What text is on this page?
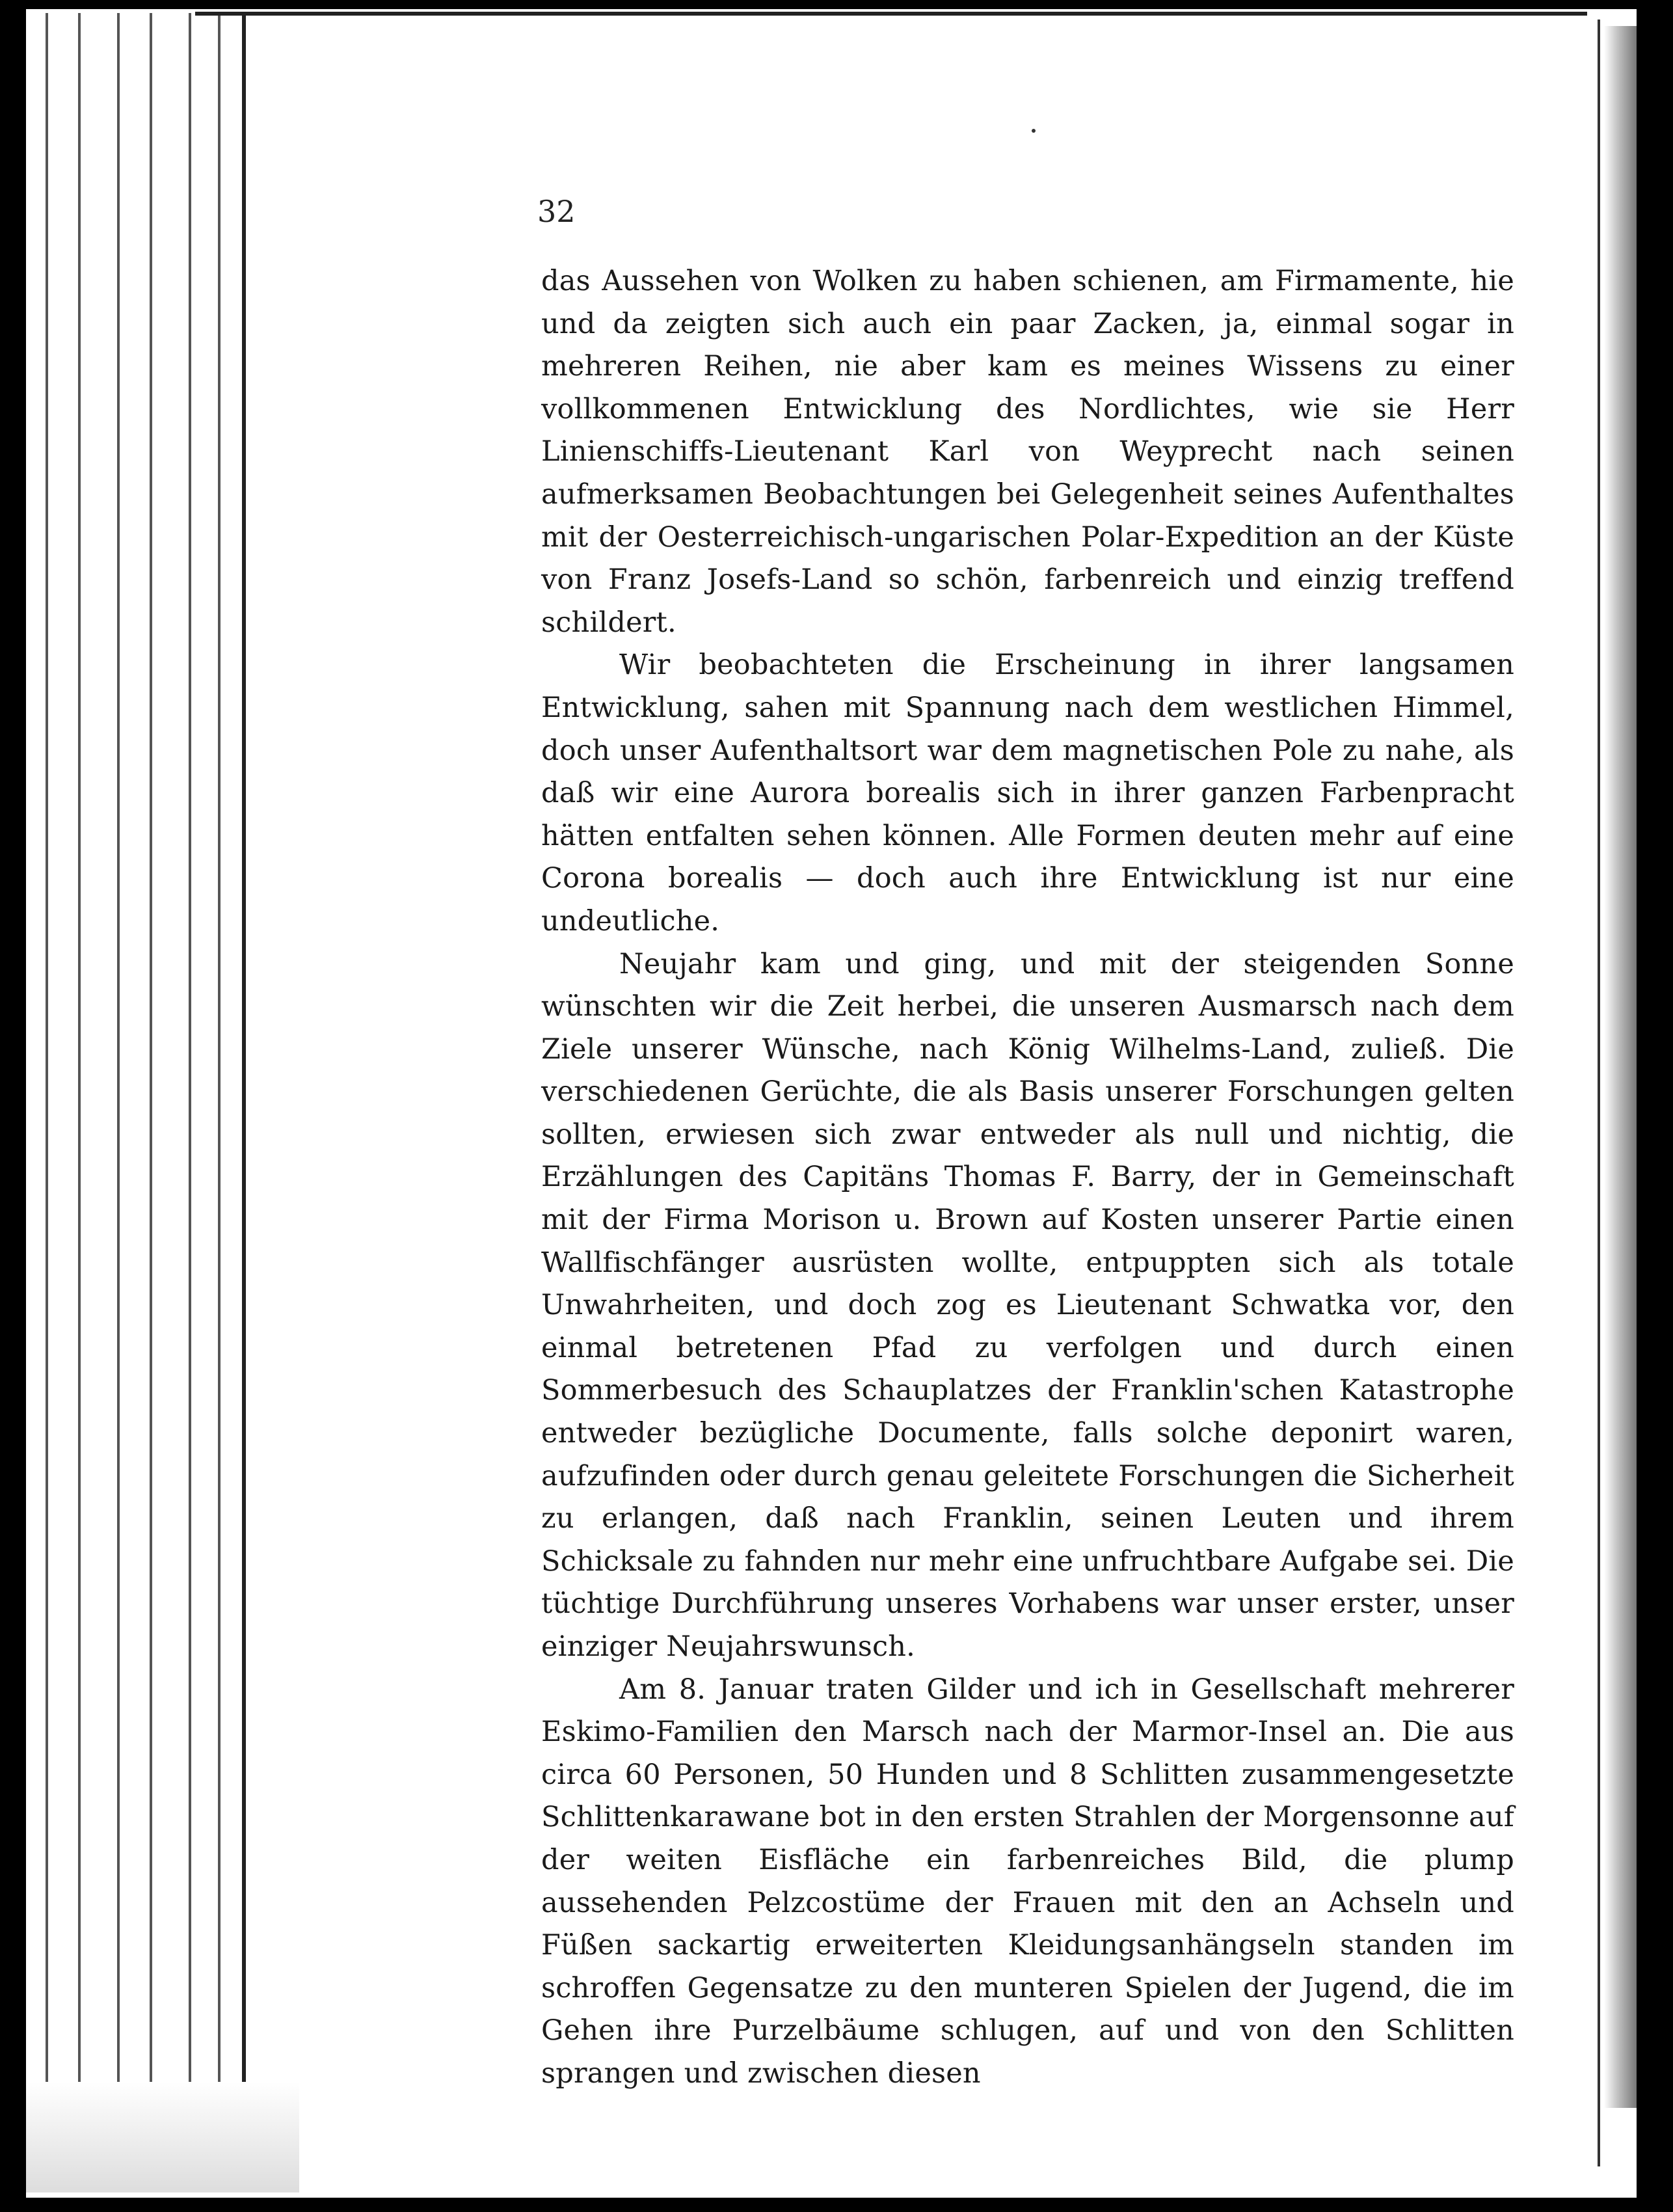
32

das Aussehen von Wolken zu haben schienen, am Firmamente, hie und da zeigten sich auch ein paar Zacken, ja, einmal sogar in mehreren Reihen, nie aber kam es meines Wissens zu einer vollkommenen Entwicklung des Nordlichtes, wie sie Herr Linienschiffs-Lieutenant Karl von Weyprecht nach seinen aufmerksamen Beobachtungen bei Gelegenheit seines Aufenthaltes mit der Oesterreichisch-ungarischen Polar-Expedition an der Küste von Franz Josefs-Land so schön, farbenreich und einzig treffend schildert.

Wir beobachteten die Erscheinung in ihrer langsamen Entwicklung, sahen mit Spannung nach dem westlichen Himmel, doch unser Aufenthaltsort war dem magnetischen Pole zu nahe, als daß wir eine Aurora borealis sich in ihrer ganzen Farbenpracht hätten entfalten sehen können. Alle Formen deuten mehr auf eine Corona borealis — doch auch ihre Entwicklung ist nur eine undeutliche.

Neujahr kam und ging, und mit der steigenden Sonne wünschten wir die Zeit herbei, die unseren Ausmarsch nach dem Ziele unserer Wünsche, nach König Wilhelms-Land, zuließ. Die verschiedenen Gerüchte, die als Basis unserer Forschungen gelten sollten, erwiesen sich zwar entweder als null und nichtig, die Erzählungen des Capitäns Thomas F. Barry, der in Gemeinschaft mit der Firma Morison u. Brown auf Kosten unserer Partie einen Wallfischfänger ausrüsten wollte, entpuppten sich als totale Unwahrheiten, und doch zog es Lieutenant Schwatka vor, den einmal betretenen Pfad zu verfolgen und durch einen Sommerbesuch des Schauplatzes der Franklin'schen Katastrophe entweder bezügliche Documente, falls solche deponirt waren, aufzufinden oder durch genau geleitete Forschungen die Sicherheit zu erlangen, daß nach Franklin, seinen Leuten und ihrem Schicksale zu fahnden nur mehr eine unfruchtbare Aufgabe sei. Die tüchtige Durchführung unseres Vorhabens war unser erster, unser einziger Neujahrswunsch.

Am 8. Januar traten Gilder und ich in Gesellschaft mehrerer Eskimo-Familien den Marsch nach der Marmor-Insel an. Die aus circa 60 Personen, 50 Hunden und 8 Schlitten zusammengesetzte Schlittenkarawane bot in den ersten Strahlen der Morgensonne auf der weiten Eisfläche ein farbenreiches Bild, die plump aussehenden Pelzcostüme der Frauen mit den an Achseln und Füßen sackartig erweiterten Kleidungsanhängseln standen im schroffen Gegensatze zu den munteren Spielen der Jugend, die im Gehen ihre Purzelbäume schlugen, auf und von den Schlitten sprangen und zwischen diesen
